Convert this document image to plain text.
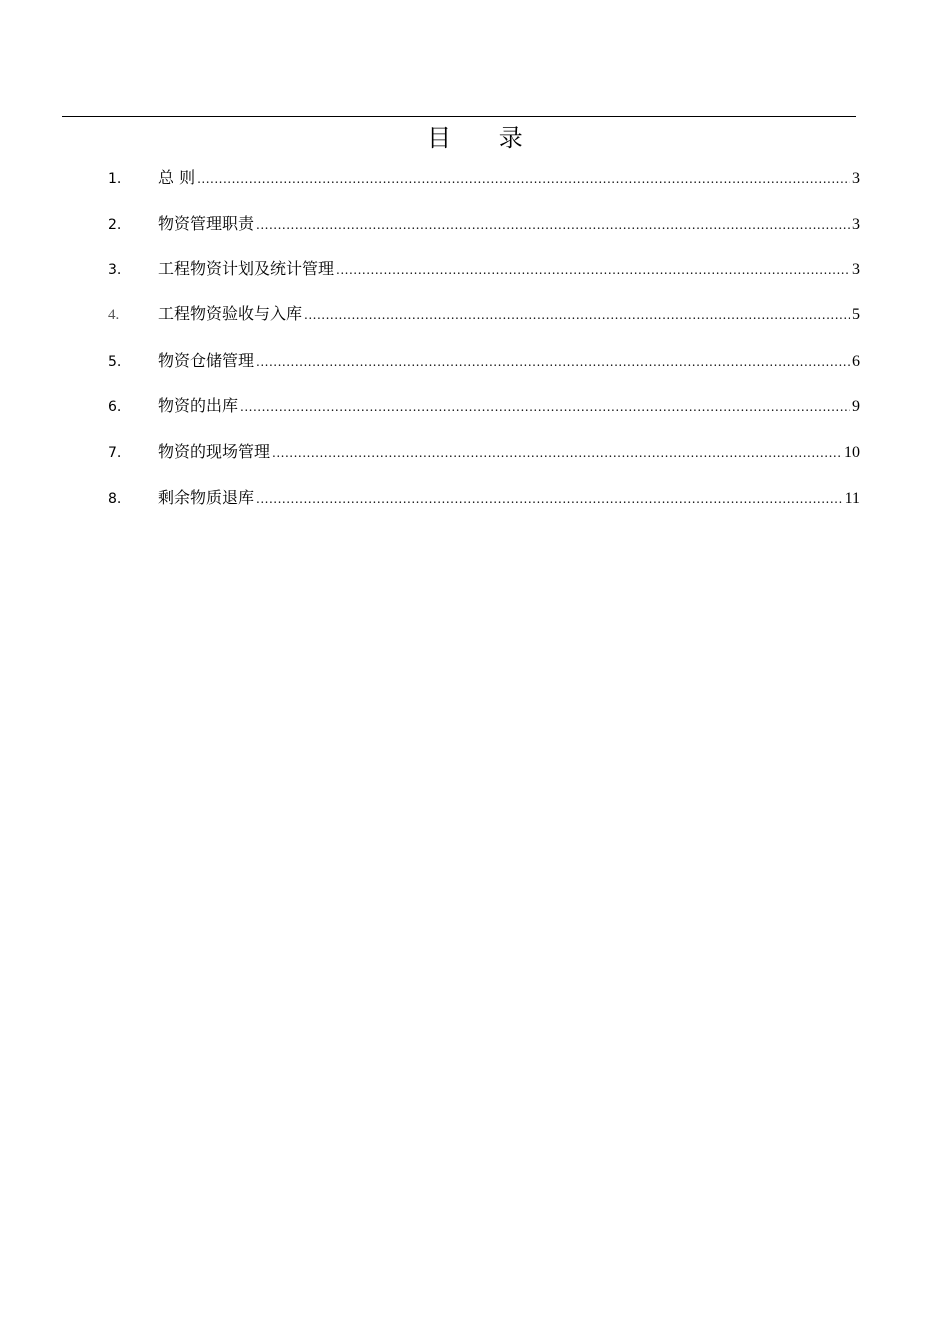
目 录
1.	总 则 .....	3
2.	物资管理职责 .....	3
3.	工程物资计划及统计管理 .....	3
4.	工程物资验收与入库 .....	5
5.	物资仓储管理 .....	6
6.	物资的出库 .....	9
7.	物资的现场管理 .....	10
8.	剩余物质退库 .....	11
